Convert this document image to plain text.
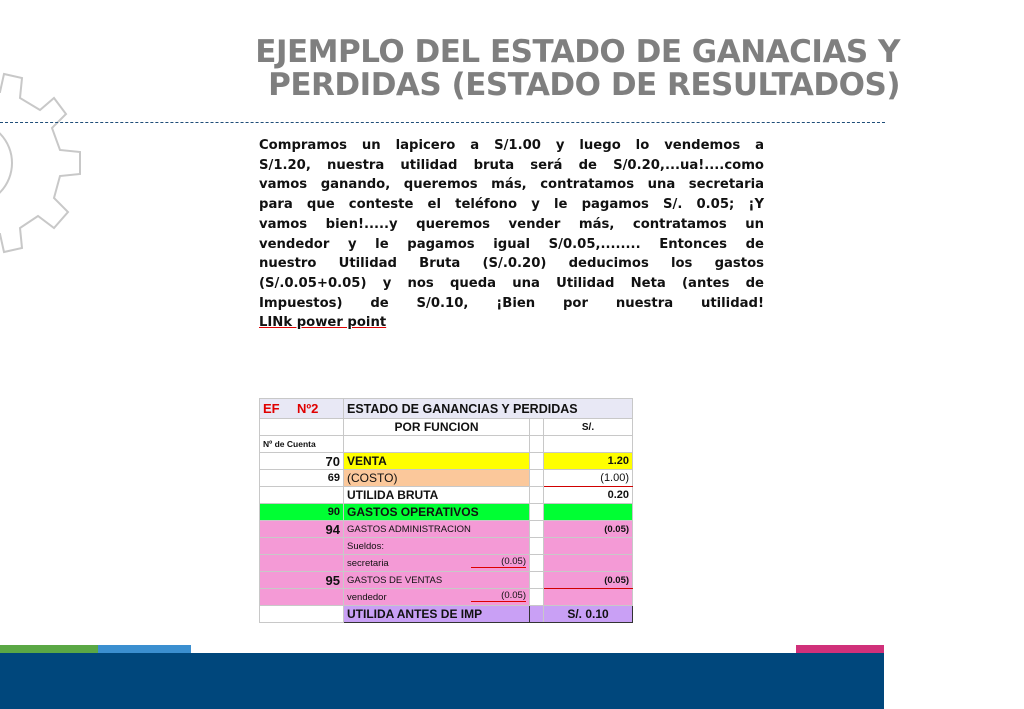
EJEMPLO DEL ESTADO DE GANACIAS Y
PERDIDAS (ESTADO DE RESULTADOS)
Compramos un lapicero a S/1.00 y luego lo vendemos a
S/1.20, nuestra utilidad bruta será de S/0.20,...ua!....como
vamos ganando, queremos más, contratamos una secretaria
para que conteste el teléfono y le pagamos S/. 0.05; ¡Y
vamos bien!.....y queremos vender más, contratamos un
vendedor y le pagamos igual S/0.05,........ Entonces de
nuestro Utilidad Bruta (S/.0.20) deducimos los gastos
(S/.0.05+0.05) y nos queda una Utilidad Neta (antes de
Impuestos) de S/0.10, ¡Bien por nuestra utilidad!
LINk power point
EF Nº2	ESTADO DE GANANCIAS Y PERDIDAS		
	POR FUNCION		S/.
Nº de Cuenta			
70	VENTA		1.20
69	(COSTO)		(1.00)
	UTILIDA BRUTA		0.20
90	GASTOS OPERATIVOS		
94	GASTOS ADMINISTRACION		(0.05)
	Sueldos:		
	secretaria (0.05)		

95	GASTOS DE VENTAS		(0.05)
	vendedor (0.05)		

	UTILIDA ANTES DE IMP		S/. 0.10
